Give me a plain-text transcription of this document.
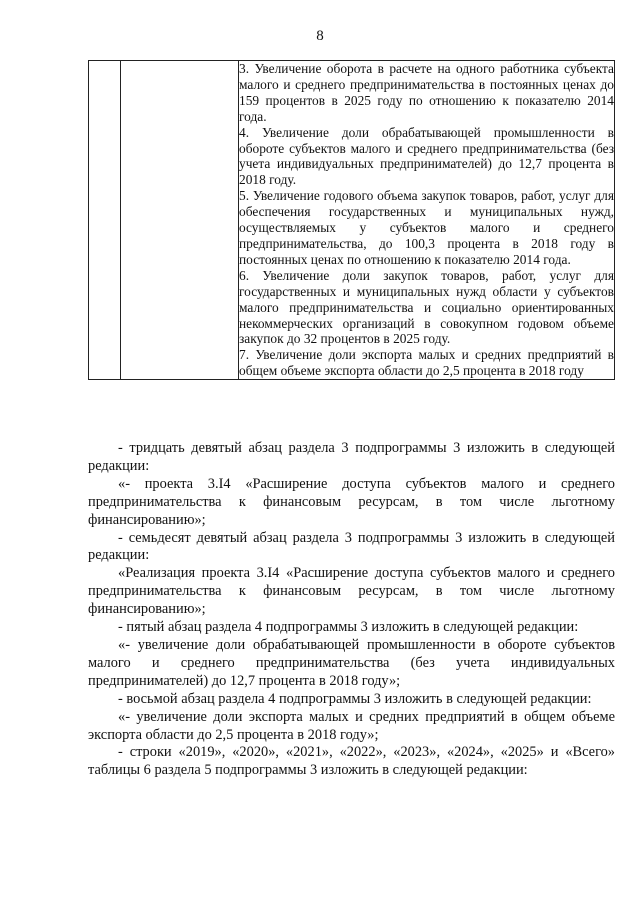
8

3. Увеличение оборота в расчете на одного работника субъекта малого и среднего предпринимательства в постоянных ценах до 159 процентов в 2025 году по отношению к показателю 2014 года.

4. Увеличение доли обрабатывающей промышленности в обороте субъектов малого и среднего предпринимательства (без учета индивидуальных предпринимателей) до 12,7 процента в 2018 году.

5. Увеличение годового объема закупок товаров, работ, услуг для обеспечения государственных и муниципальных нужд, осуществляемых у субъектов малого и среднего предпринимательства, до 100,3 процента в 2018 году в постоянных ценах по отношению к показателю 2014 года.

6. Увеличение доли закупок товаров, работ, услуг для государственных и муниципальных нужд области у субъектов малого предпринимательства и социально ориентированных некоммерческих организаций в совокупном годовом объеме закупок до 32 процентов в 2025 году.

7. Увеличение доли экспорта малых и средних предприятий в общем объеме экспорта области до 2,5 процента в 2018 году

- тридцать девятый абзац раздела 3 подпрограммы 3 изложить в следующей редакции:

«- проекта 3.I4 «Расширение доступа субъектов малого и среднего предпринимательства к финансовым ресурсам, в том числе льготному финансированию»;

- семьдесят девятый абзац раздела 3 подпрограммы 3 изложить в следующей редакции:

«Реализация проекта 3.I4 «Расширение доступа субъектов малого и среднего предпринимательства к финансовым ресурсам, в том числе льготному финансированию»;

- пятый абзац раздела 4 подпрограммы 3 изложить в следующей редакции:

«- увеличение доли обрабатывающей промышленности в обороте субъектов малого и среднего предпринимательства (без учета индивидуальных предпринимателей) до 12,7 процента в 2018 году»;

- восьмой абзац раздела 4 подпрограммы 3 изложить в следующей редакции:

«- увеличение доли экспорта малых и средних предприятий в общем объеме экспорта области до 2,5 процента в 2018 году»;

- строки «2019», «2020», «2021», «2022», «2023», «2024», «2025» и «Всего» таблицы 6 раздела 5 подпрограммы 3 изложить в следующей редакции:
